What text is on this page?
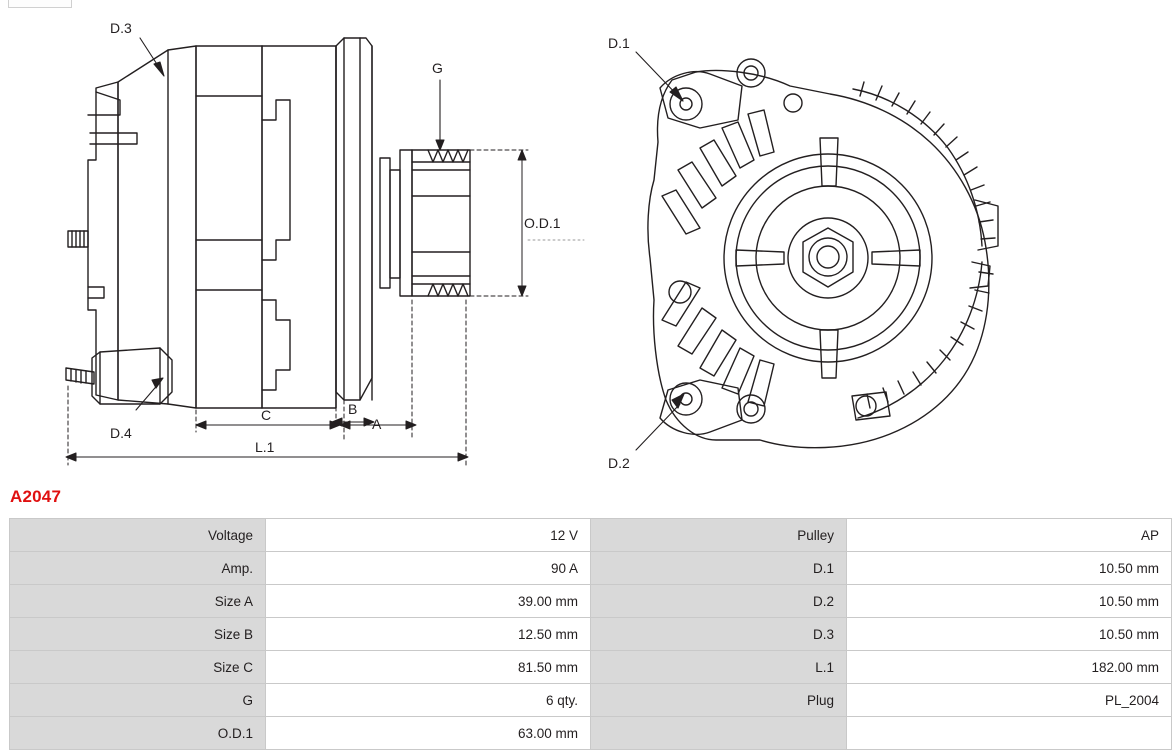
D.3
D.4
G
O.D.1
A
B
C
L.1
D.1
D.2
A2047
Voltage	12 V	Pulley	AP
Amp.	90 A	D.1	10.50 mm
Size A	39.00 mm	D.2	10.50 mm
Size B	12.50 mm	D.3	10.50 mm
Size C	81.50 mm	L.1	182.00 mm
G	6 qty.	Plug	PL_2004
O.D.1	63.00 mm		
